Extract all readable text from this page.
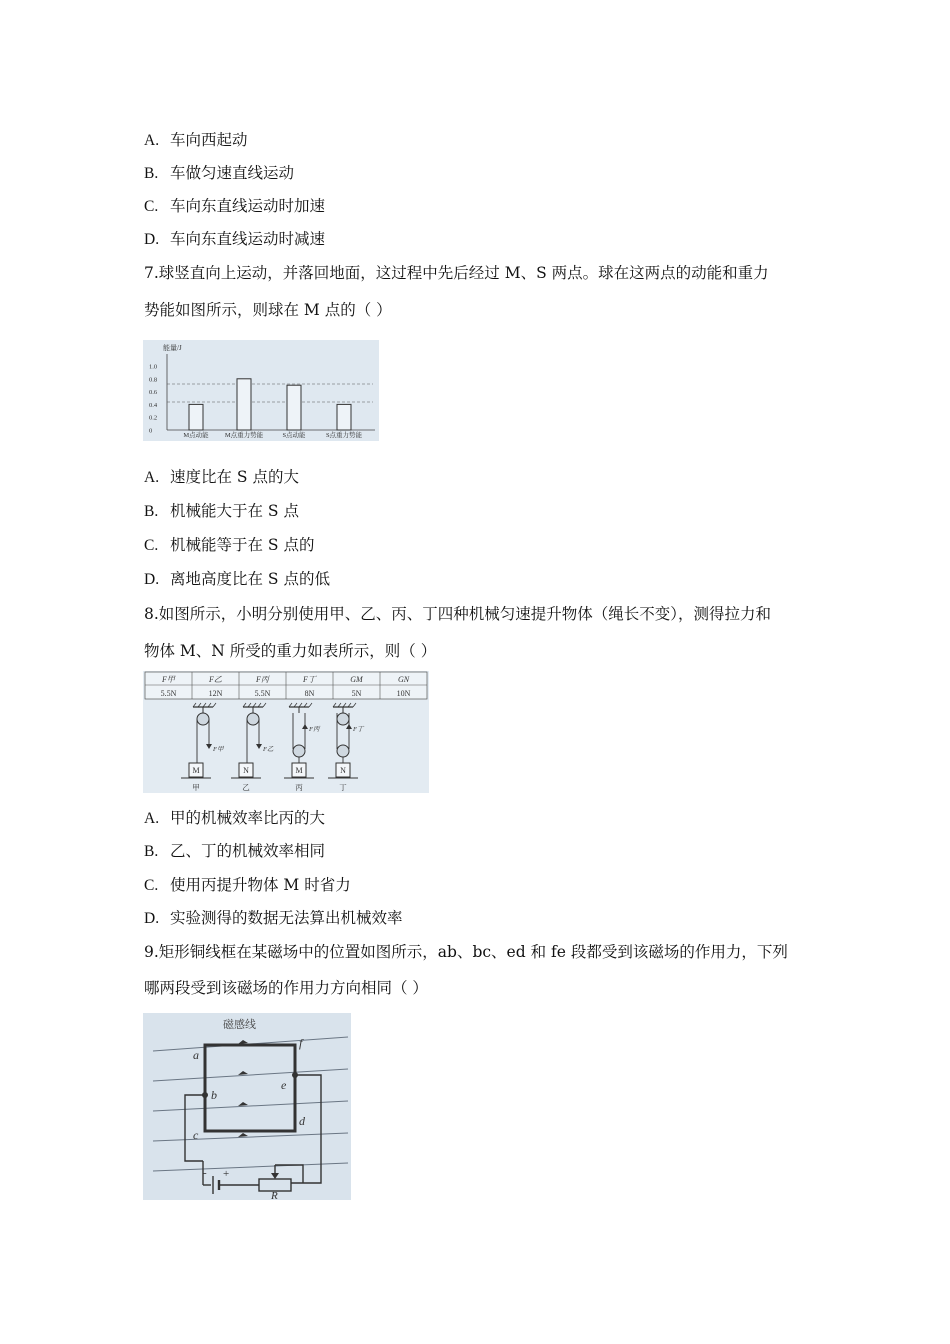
A. 车向西起动
B. 车做匀速直线运动
C. 车向东直线运动时加速
D. 车向东直线运动时减速
7.球竖直向上运动，并落回地面，这过程中先后经过 M、S 两点。球在这两点的动能和重力
势能如图所示，则球在 M 点的（ ）
能量/J
1.0
0.8
0.6
0.4
0.2
0
M点动能 M点重力势能	S点动能	S点重力势能
A. 速度比在 S 点的大
B. 机械能大于在 S 点
C. 机械能等于在 S 点的
D. 离地高度比在 S 点的低
8.如图所示，小明分别使用甲、乙、丙、丁四种机械匀速提升物体（绳长不变），测得拉力和
物体 M、N 所受的重力如表所示，则（ ）
F甲
5.5N
F乙
12N
F丙
5.5N
F丁
8N
GM
5N
GN
10N
F甲
M
甲
F乙
N
乙
F丙
M
丙
F丁
N
丁
A. 甲的机械效率比丙的大
B. 乙、丁的机械效率相同
C. 使用丙提升物体 M 时省力
D. 实验测得的数据无法算出机械效率
9.矩形铜线框在某磁场中的位置如图所示，ab、bc、ed 和 fe 段都受到该磁场的作用力，下列
哪两段受到该磁场的作用力方向相同（ ）
磁感线
a
b
c
d
e
f
R
- +
